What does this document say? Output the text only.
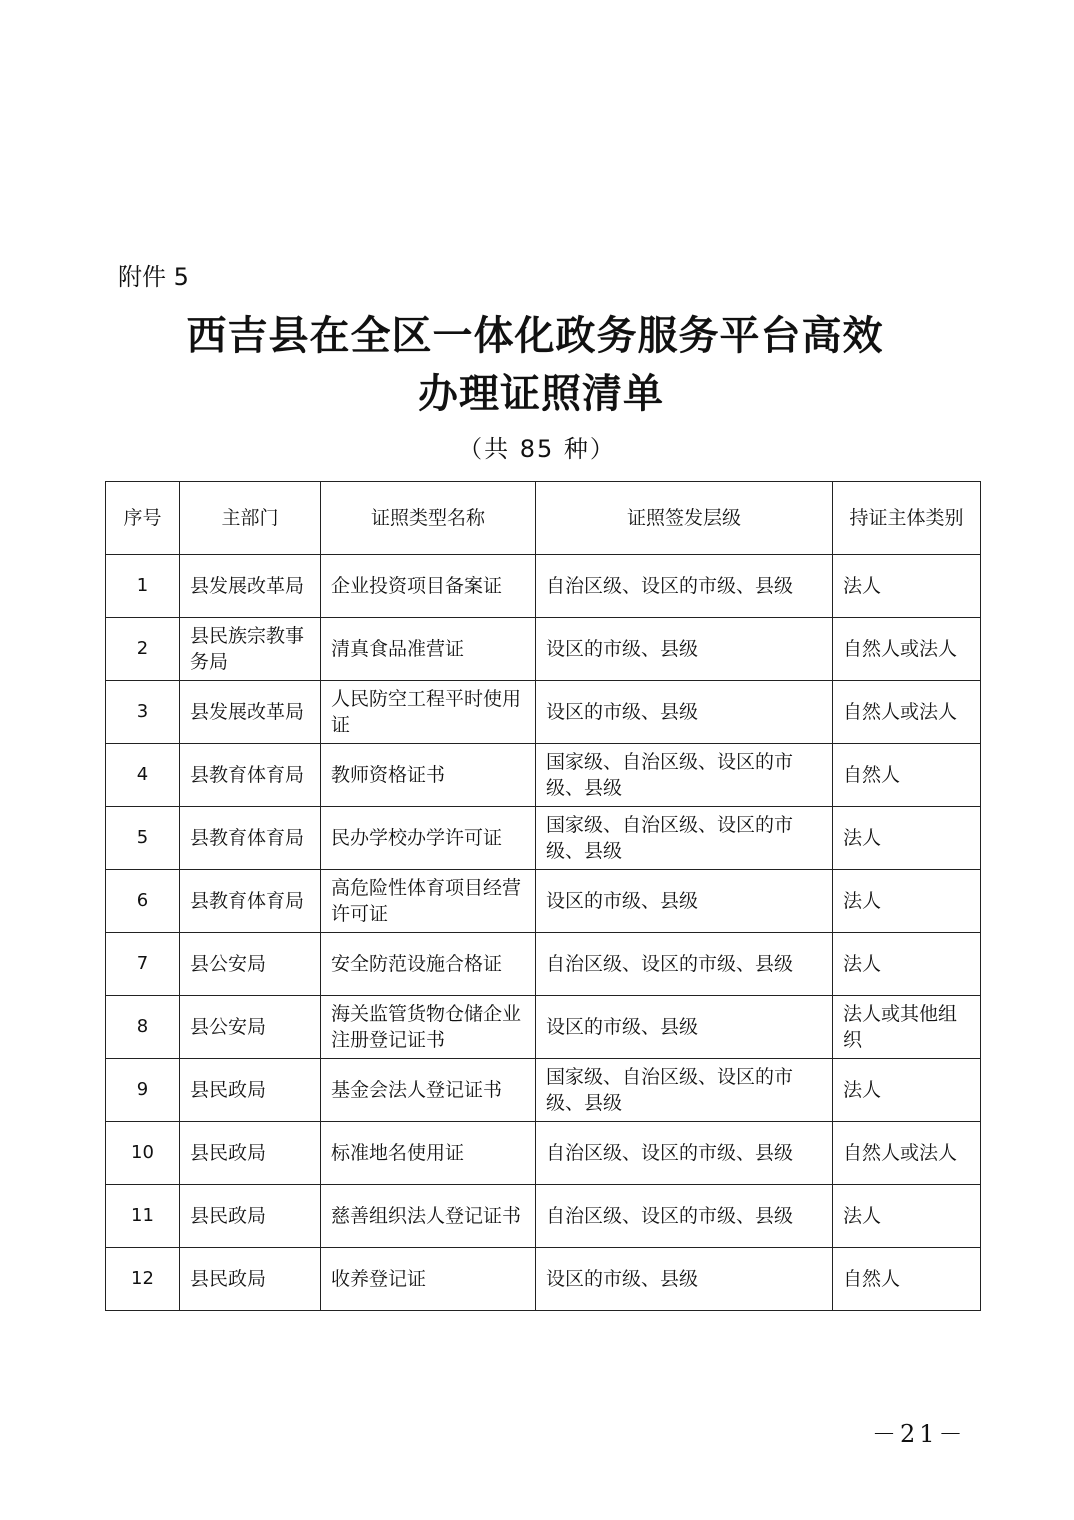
附件 5
西吉县在全区一体化政务服务平台高效
办理证照清单
（共 85 种）
序号	主部门	证照类型名称	证照签发层级	持证主体类别
1	县发展改革局	企业投资项目备案证	自治区级、设区的市级、县级	法人
2	县民族宗教事务局	清真食品准营证	设区的市级、县级	自然人或法人
3	县发展改革局	人民防空工程平时使用证	设区的市级、县级	自然人或法人
4	县教育体育局	教师资格证书	国家级、自治区级、设区的市级、县级	自然人
5	县教育体育局	民办学校办学许可证	国家级、自治区级、设区的市级、县级	法人
6	县教育体育局	高危险性体育项目经营许可证	设区的市级、县级	法人
7	县公安局	安全防范设施合格证	自治区级、设区的市级、县级	法人
8	县公安局	海关监管货物仓储企业注册登记证书	设区的市级、县级	法人或其他组织
9	县民政局	基金会法人登记证书	国家级、自治区级、设区的市级、县级	法人
10	县民政局	标准地名使用证	自治区级、设区的市级、县级	自然人或法人
11	县民政局	慈善组织法人登记证书	自治区级、设区的市级、县级	法人
12	县民政局	收养登记证	设区的市级、县级	自然人
－21－
